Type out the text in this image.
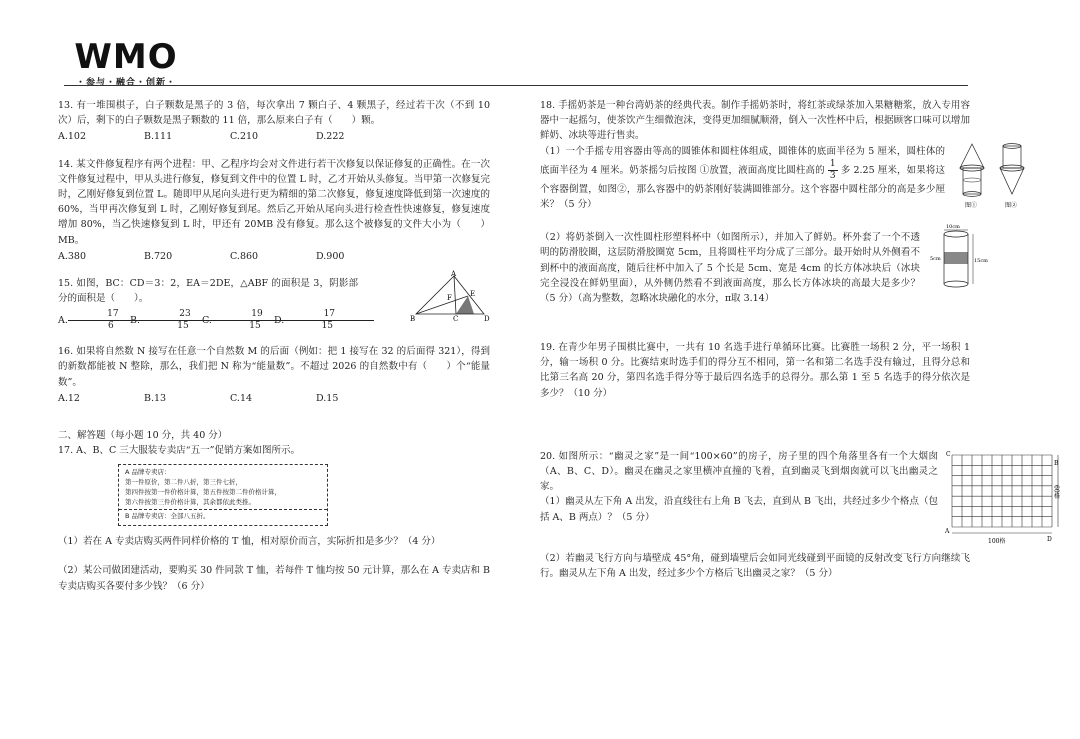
WMO
・参与・融合・创新・

13. 有一堆围棋子，白子颗数是黑子的 3 倍，每次拿出 7 颗白子、4 颗黑子，经过若干次（不到 10 次）后，剩下的白子颗数是黑子颗数的 11 倍，那么原来白子有（　　）颗。

A.102	B.111	C.210	D.222

14. 某文件修复程序有两个进程：甲、乙程序均会对文件进行若干次修复以保证修复的正确性。在一次文件修复过程中，甲从头进行修复，修复到文件中的位置 L 时，乙才开始从头修复。当甲第一次修复完时，乙刚好修复到位置 L。随即甲从尾向头进行更为精细的第二次修复，修复速度降低到第一次速度的 60%，当甲再次修复到 L 时，乙刚好修复到尾。然后乙开始从尾向头进行检查性快速修复，修复速度增加 80%，当乙快速修复到 L 时，甲还有 20MB 没有修复。那么这个被修复的文件大小为（　　）MB。

A.380	B.720	C.860	D.900

15. 如图，BC：CD＝3：2，EA＝2DE，△ABF 的面积是 3，阴影部分的面积是（　　）。

A
B	C	D
E
F
A. $\frac{17}{6}$
B. $\frac{23}{15}$
C. $\frac{19}{15}$
D. $\frac{17}{15}$

16. 如果将自然数 N 接写在任意一个自然数 M 的后面（例如：把 1 接写在 32 的后面得 321），得到的新数都能被 N 整除，那么，我们把 N 称为“能量数”。不超过 2026 的自然数中有（　　）个“能量数”。

A.12	B.13	C.14	D.15
二、解答题（每小题 10 分，共 40 分）

17. A、B、C 三大服装专卖店“五一”促销方案如图所示。

A 品牌专卖店：
第一件原价，第二件八折，第三件七折，
第四件按第一件价格计算，第五件按第二件价格计算，
第六件按第三件价格计算，其余都依此类推。
B 品牌专卖店：全部八五折。

（1）若在 A 专卖店购买两件同样价格的 T 恤，相对原价而言，实际折扣是多少？（4 分）

（2）某公司做团建活动，要购买 30 件同款 T 恤，若每件 T 恤均按 50 元计算，那么在 A 专卖店和 B 专卖店购买各要付多少钱？（6 分）

18. 手摇奶茶是一种台湾奶茶的经典代表。制作手摇奶茶时，将红茶或绿茶加入果糖糖浆，放入专用容器中一起摇匀，使茶饮产生细微泡沫，变得更加细腻顺滑，倒入一次性杯中后，根据顾客口味可以增加鲜奶、冰块等进行售卖。

（1）一个手摇专用容器由等高的圆锥体和圆柱体组成，圆锥体的底面半径为 5 厘米，圆柱体的底面半径为 4 厘米。奶茶摇匀后按图 ①放置，液面高度比圆柱高的 $\frac{1}{3}$ 多 2.25 厘米，如果将这个容器倒置，如图②，那么容器中的奶茶刚好装满圆锥部分。这个容器中圆柱部分的高是多少厘米？（5 分）	图①	图②

（2）将奶茶倒入一次性圆柱形塑料杯中（如图所示），并加入了鲜奶。杯外套了一个不透明的防滑胶圈，这层防滑胶圈宽 5cm，且将圆柱平均分成了三部分。最开始时从外侧看不到杯中的液面高度，随后往杯中加入了 5 个长是 5cm、宽是 4cm 的长方体冰块后（冰块完全浸没在鲜奶里面），从外侧仍然看不到液面高度，那么长方体冰块的高最大是多少？（5 分）（高为整数，忽略冰块融化的水分，π取 3.14）

10cm
5cm	15cm

19. 在青少年男子围棋比赛中，一共有 10 名选手进行单循环比赛。比赛胜一场积 2 分，平一场积 1 分，输一场积 0 分。比赛结束时选手们的得分互不相同，第一名和第二名选手没有输过，且得分总和比第三名高 20 分，第四名选手得分等于最后四名选手的总得分。那么第 1 至 5 名选手的得分依次是多少？（10 分）

20. 如图所示：“幽灵之家”是一间“100×60”的房子，房子里的四个角落里各有一个大烟囱（A、B、C、D）。幽灵在幽灵之家里横冲直撞的飞着，直到幽灵飞到烟囱就可以飞出幽灵之家。

（1）幽灵从左下角 A 出发，沿直线往右上角 B 飞去，直到从 B 飞出，共经过多少个格点（包括 A、B 两点）？（5 分）

C
B
A
D
100格
60格

（2）若幽灵飞行方向与墙壁成 45°角，碰到墙壁后会如同光线碰到平面镜的反射改变飞行方向继续飞行。幽灵从左下角 A 出发，经过多少个方格后飞出幽灵之家？（5 分）
